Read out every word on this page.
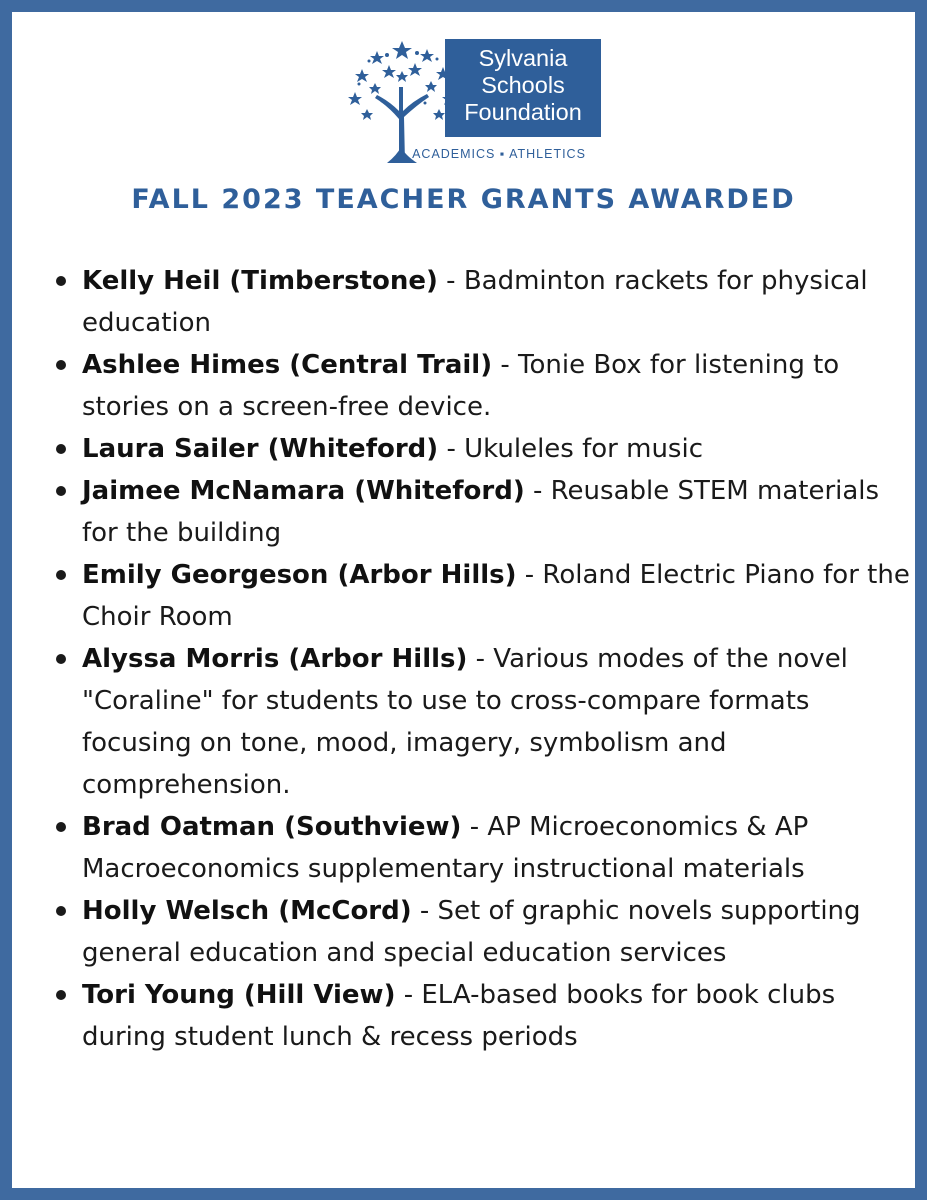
Sylvania
Schools
Foundation
ACADEMICS ▪ ATHLETICS
FALL 2023 TEACHER GRANTS AWARDED
Kelly Heil (Timberstone) - Badminton rackets for physical education
Ashlee Himes (Central Trail) - Tonie Box for listening to stories on a screen-free device.
Laura Sailer (Whiteford) - Ukuleles for music
Jaimee McNamara (Whiteford) - Reusable STEM materials for the building
Emily Georgeson (Arbor Hills) - Roland Electric Piano for the Choir Room
Alyssa Morris (Arbor Hills) - Various modes of the novel "Coraline" for students to use to cross-compare formats focusing on tone, mood, imagery, symbolism and comprehension.
Brad Oatman (Southview) - AP Microeconomics & AP Macroeconomics supplementary instructional materials
Holly Welsch (McCord) - Set of graphic novels supporting general education and special education services
Tori Young (Hill View) - ELA-based books for book clubs during student lunch & recess periods
